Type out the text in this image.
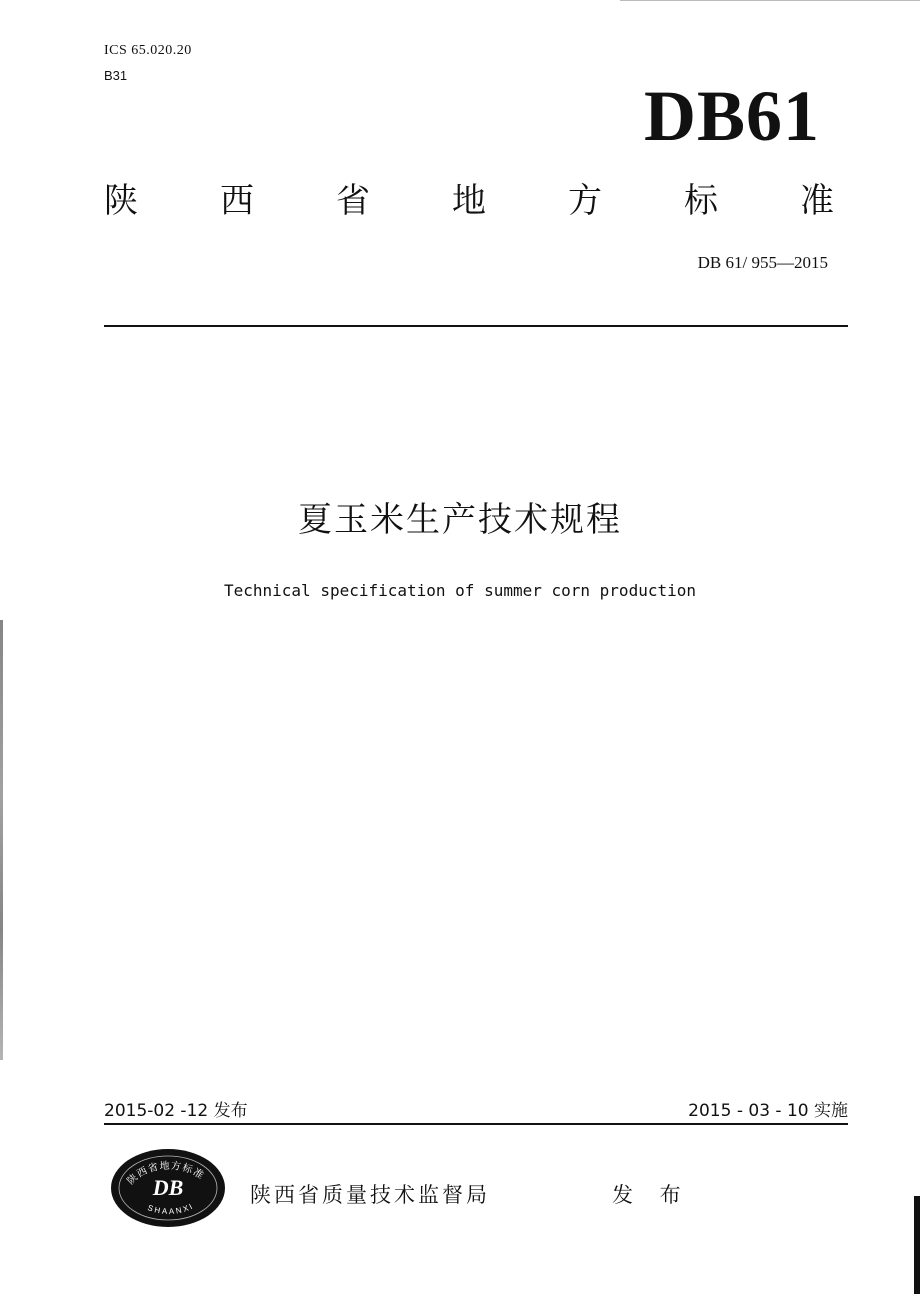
ICS 65.020.20
B31
DB61
陕 西 省 地 方 标 准
DB 61/ 955—2015
夏玉米生产技术规程
Technical specification of summer corn production
2015-02 -12 发布	2015 - 03 - 10 实施
陕西省地方标准
DB
SHAANXI	陕西省质量技术监督局	发 布
